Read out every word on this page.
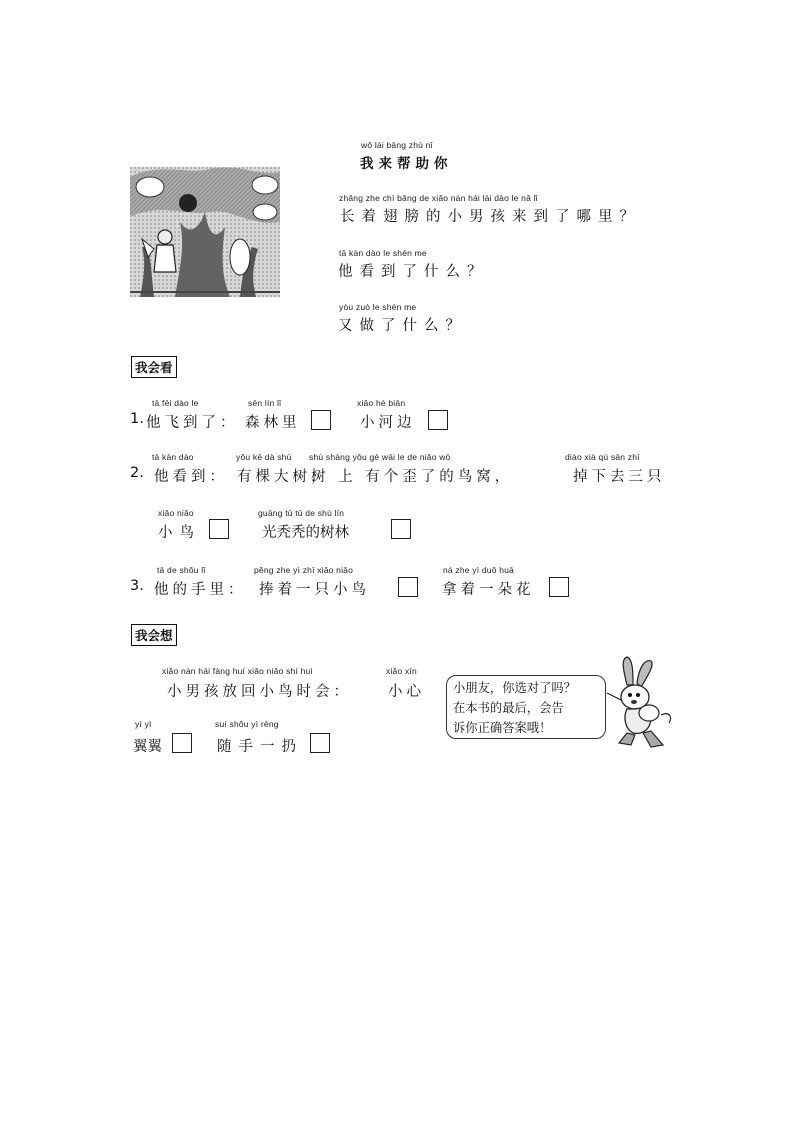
wǒ lái bāng zhù nǐ
我来帮助你
zhǎng zhe chì bǎng de xiǎo nán hái lái dào le nǎ lǐ
长着翅膀的小男孩来到了哪里？
tā kàn dào le shén me
他看到了什么？
yòu zuò le shén me
又做了什么？
我会看
tā fēi dào le	sēn lín lǐ	xiǎo hé biān
1. 他飞到了： 森林里	小河边
tā kàn dào	yǒu kē dà shù shù shàng yǒu gè wāi le de niǎo wō	diào xià qù sān zhī
2. 他看到： 有棵大树，
树 上 有个歪了的鸟窝，	掉下去三只
xiǎo niǎo	guāng tū tū de shù lín
小鸟	光秃秃的树林
tā de shǒu lǐ	pěng zhe yì zhī xiǎo niǎo	ná zhe yì duǒ huā
3. 他的手里： 捧着一只小鸟	拿着一朵花
我会想
xiǎo nán hái fàng huí xiǎo niǎo shí huì	xiǎo xīn
小男孩放回小鸟时会： 小心
yì yì	suí shǒu yì rēng
翼翼	随手一扔
小朋友，你选对了吗？
在本书的最后，会告
诉你正确答案哦！
